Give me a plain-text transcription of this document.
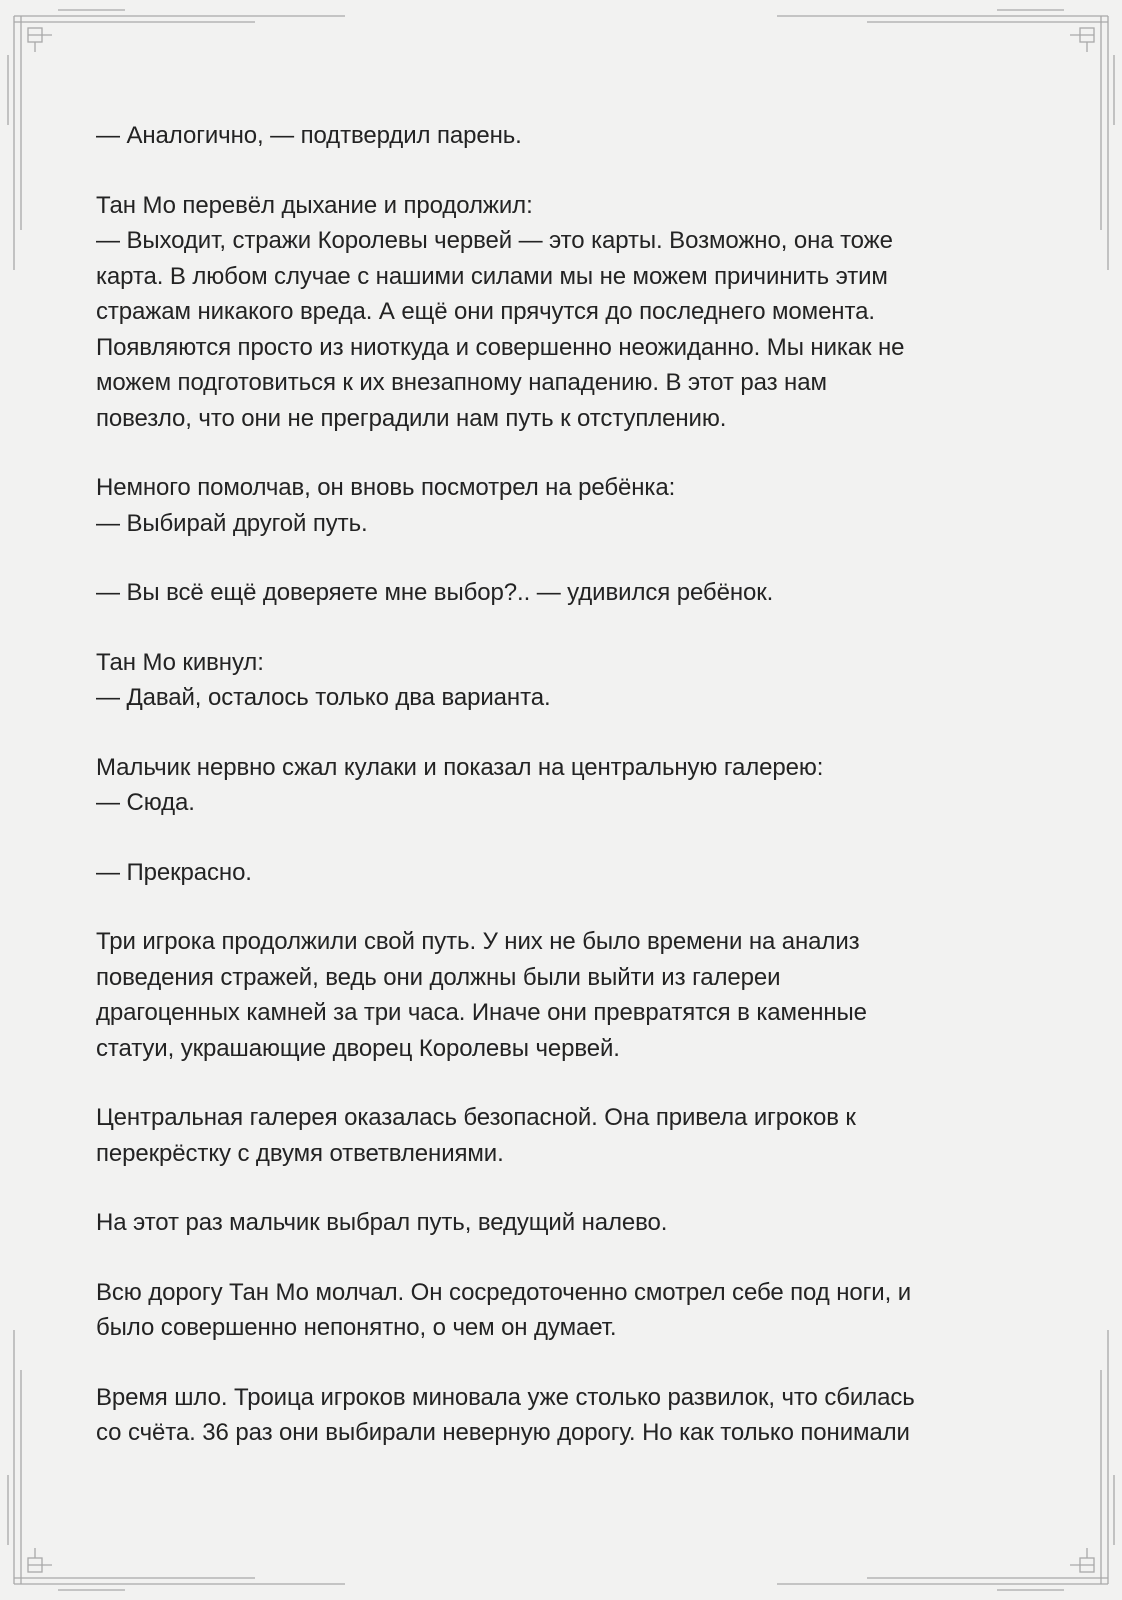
— Аналогично, — подтвердил парень.
Тан Мо перевёл дыхание и продолжил:
— Выходит, стражи Королевы червей — это карты. Возможно, она тоже
карта. В любом случае с нашими силами мы не можем причинить этим
стражам никакого вреда. А ещё они прячутся до последнего момента.
Появляются просто из ниоткуда и совершенно неожиданно. Мы никак не
можем подготовиться к их внезапному нападению. В этот раз нам
повезло, что они не преградили нам путь к отступлению.
Немного помолчав, он вновь посмотрел на ребёнка:
— Выбирай другой путь.
— Вы всё ещё доверяете мне выбор?.. — удивился ребёнок.
Тан Мо кивнул:
— Давай, осталось только два варианта.
Мальчик нервно сжал кулаки и показал на центральную галерею:
— Сюда.
— Прекрасно.
Три игрока продолжили свой путь. У них не было времени на анализ
поведения стражей, ведь они должны были выйти из галереи
драгоценных камней за три часа. Иначе они превратятся в каменные
статуи, украшающие дворец Королевы червей.
Центральная галерея оказалась безопасной. Она привела игроков к
перекрёстку с двумя ответвлениями.
На этот раз мальчик выбрал путь, ведущий налево.
Всю дорогу Тан Мо молчал. Он сосредоточенно смотрел себе под ноги, и
было совершенно непонятно, о чем он думает.
Время шло. Троица игроков миновала уже столько развилок, что сбилась
со счёта. 36 раз они выбирали неверную дорогу. Но как только понимали
